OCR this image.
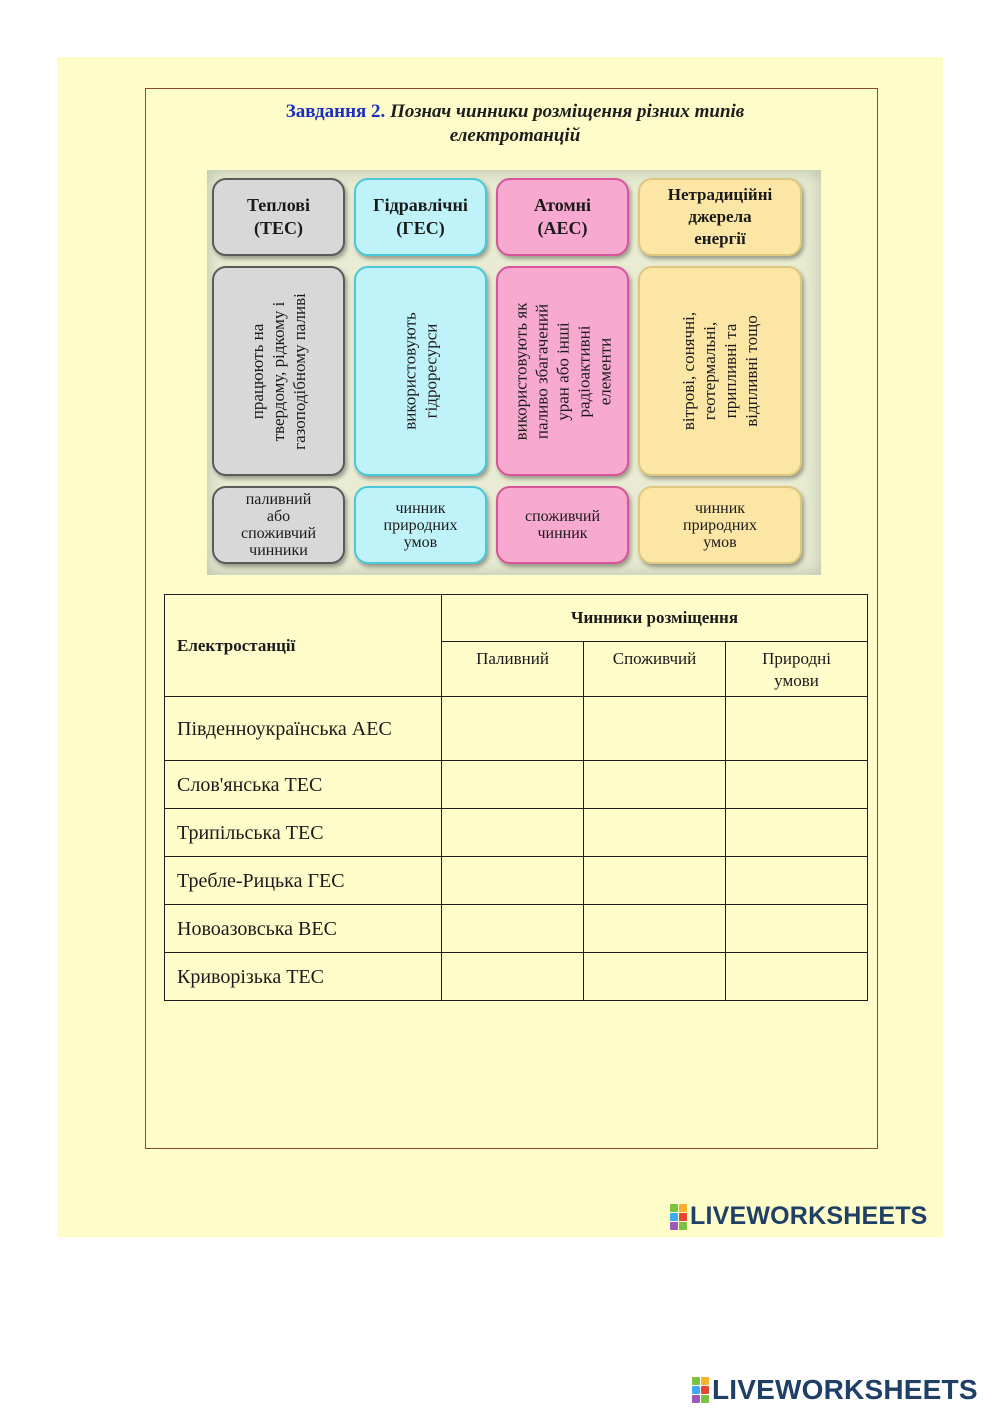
Завдання 2. Познач чинники розміщення різних типів
електротанцій
Теплові
(ТЕС)
працюють на твердому, рідкому і газоподібному паливі
паливний
або
споживчий
чинники
Гідравлічні
(ГЕС)
використовують гідроресурси
чинник
природних
умов
Атомні
(АЕС)
використовують як паливо збагачений уран або інші радіоактивні елементи
споживчий
чинник
Нетрадиційні
джерела
енергії
вітрові, сонячні, геотермальні, припливні та відпливні тощо
чинник
природних
умов
Електростанції	Чинники розміщення		
	Паливний	Споживчий	Природні умови
Південноукраїнська АЕС			
Слов'янська ТЕС			
Трипільська ТЕС			
Требле-Рицька ГЕС			
Новоазовська ВЕС			
Криворізька ТЕС			
LIVEWORKSHEETS
LIVEWORKSHEETS
